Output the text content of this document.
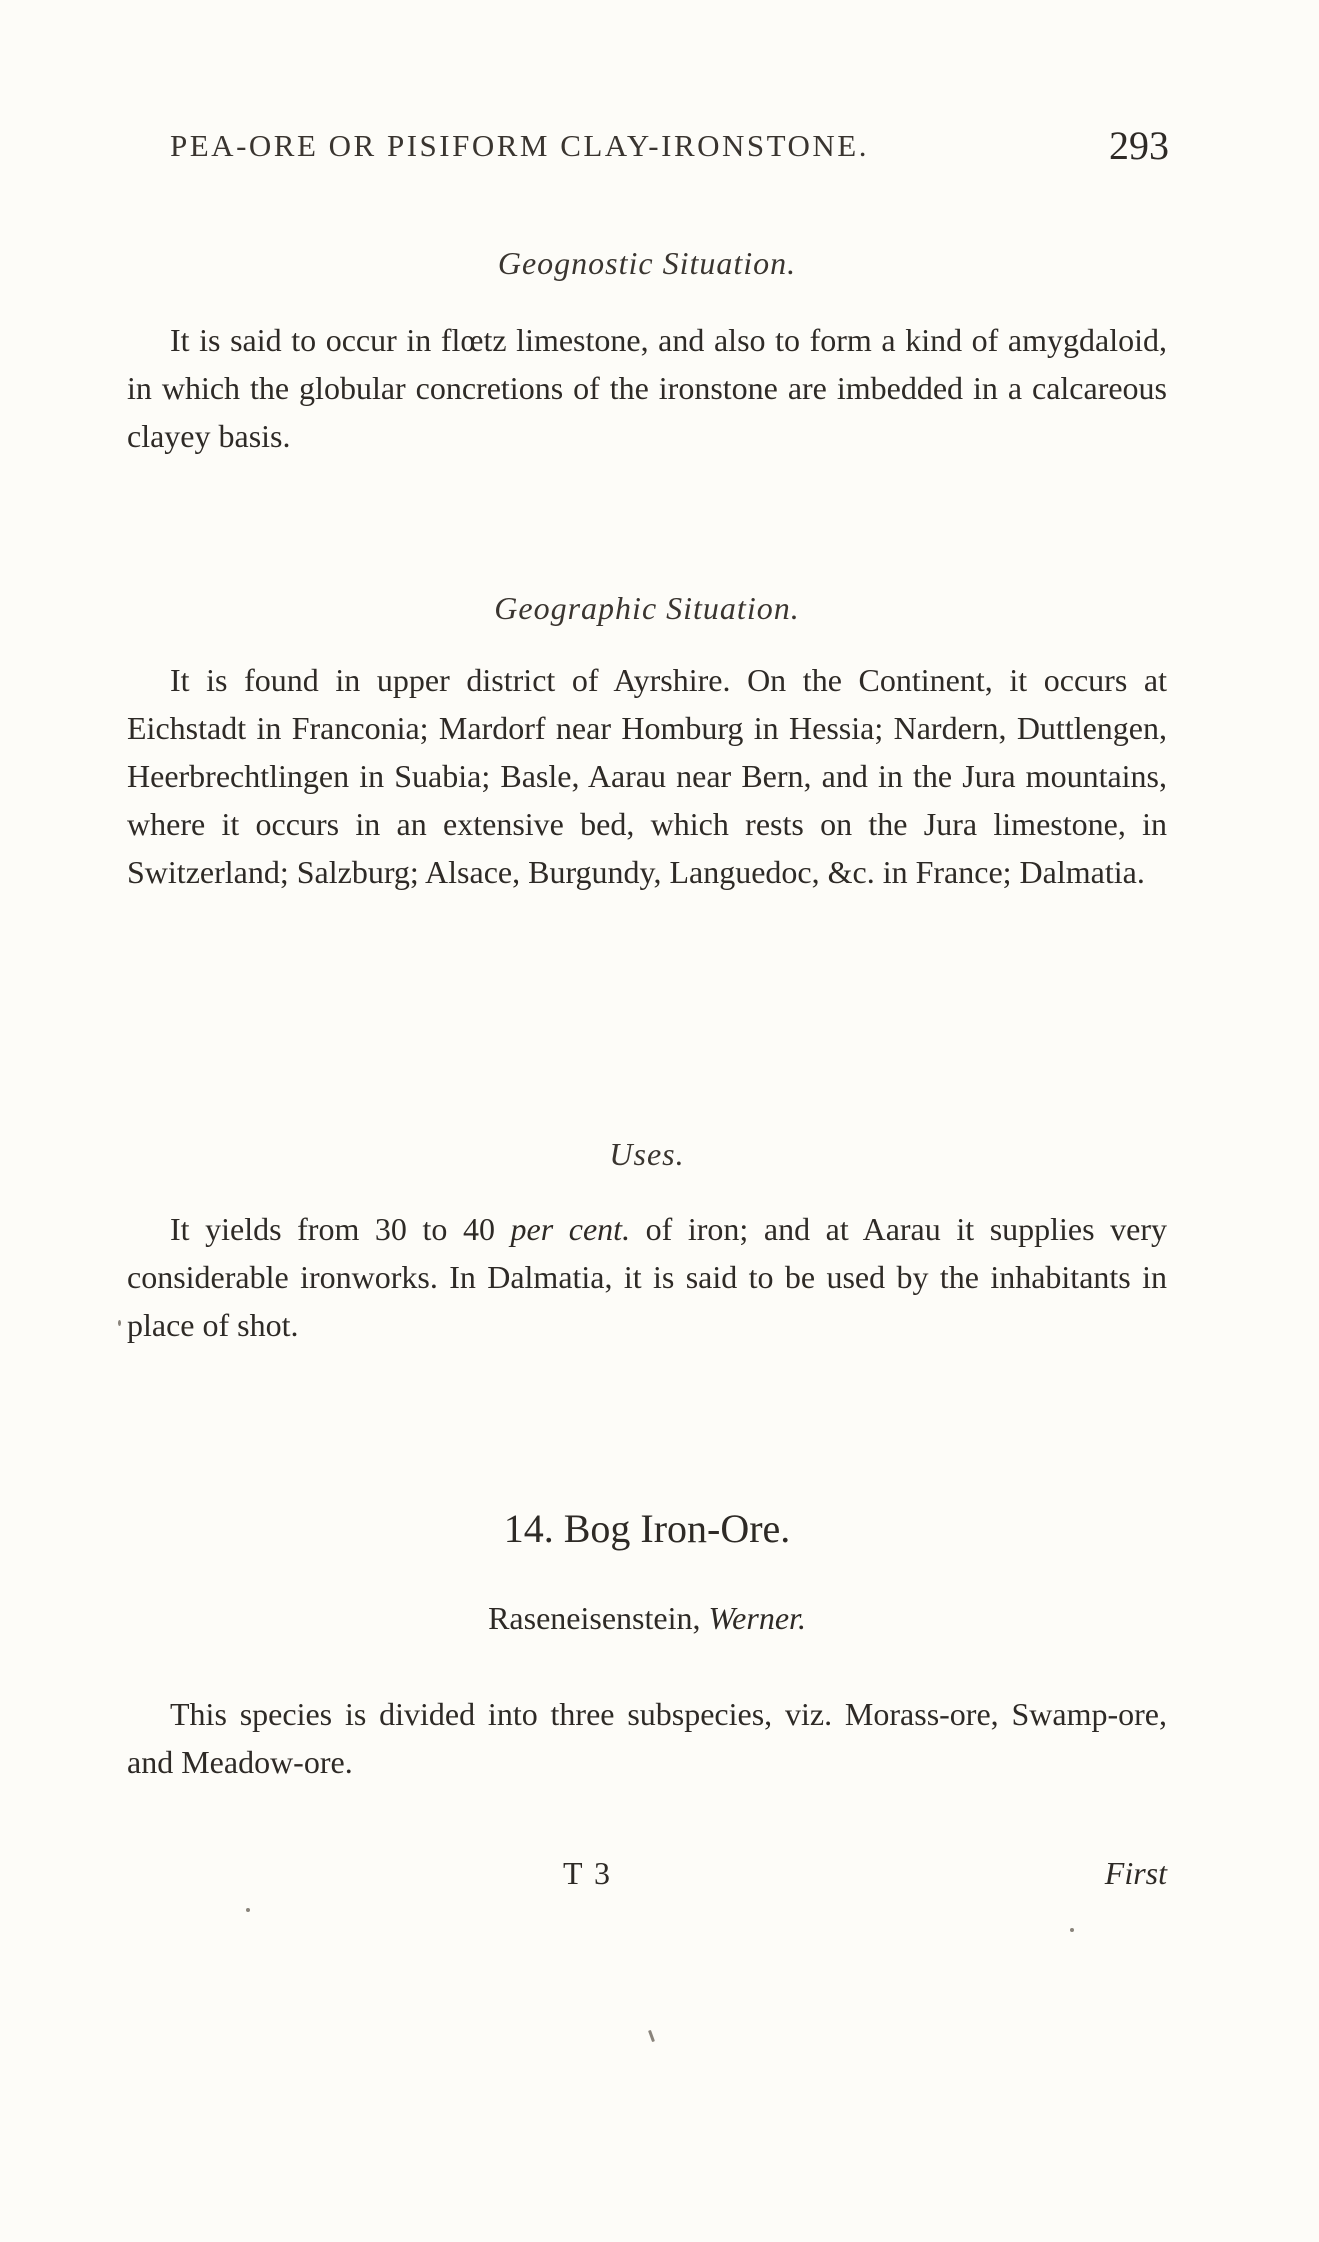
PEA-ORE OR PISIFORM CLAY-IRONSTONE.	293
Geognostic Situation.

It is said to occur in flœtz limestone, and also to form a kind of amygdaloid, in which the globular concretions of the ironstone are imbedded in a calcareous clayey basis.

Geographic Situation.

It is found in upper district of Ayrshire. On the Continent, it occurs at Eichstadt in Franconia; Mardorf near Homburg in Hessia; Nardern, Duttlengen, Heerbrechtlingen in Suabia; Basle, Aarau near Bern, and in the Jura mountains, where it occurs in an extensive bed, which rests on the Jura limestone, in Switzerland; Salzburg; Alsace, Burgundy, Languedoc, &c. in France; Dalmatia.

Uses.

It yields from 30 to 40 per cent. of iron; and at Aarau it supplies very considerable ironworks. In Dalmatia, it is said to be used by the inhabitants in place of shot.

14. Bog Iron-Ore.
Raseneisenstein, Werner.

This species is divided into three subspecies, viz. Morass-ore, Swamp-ore, and Meadow-ore.

T 3	First
